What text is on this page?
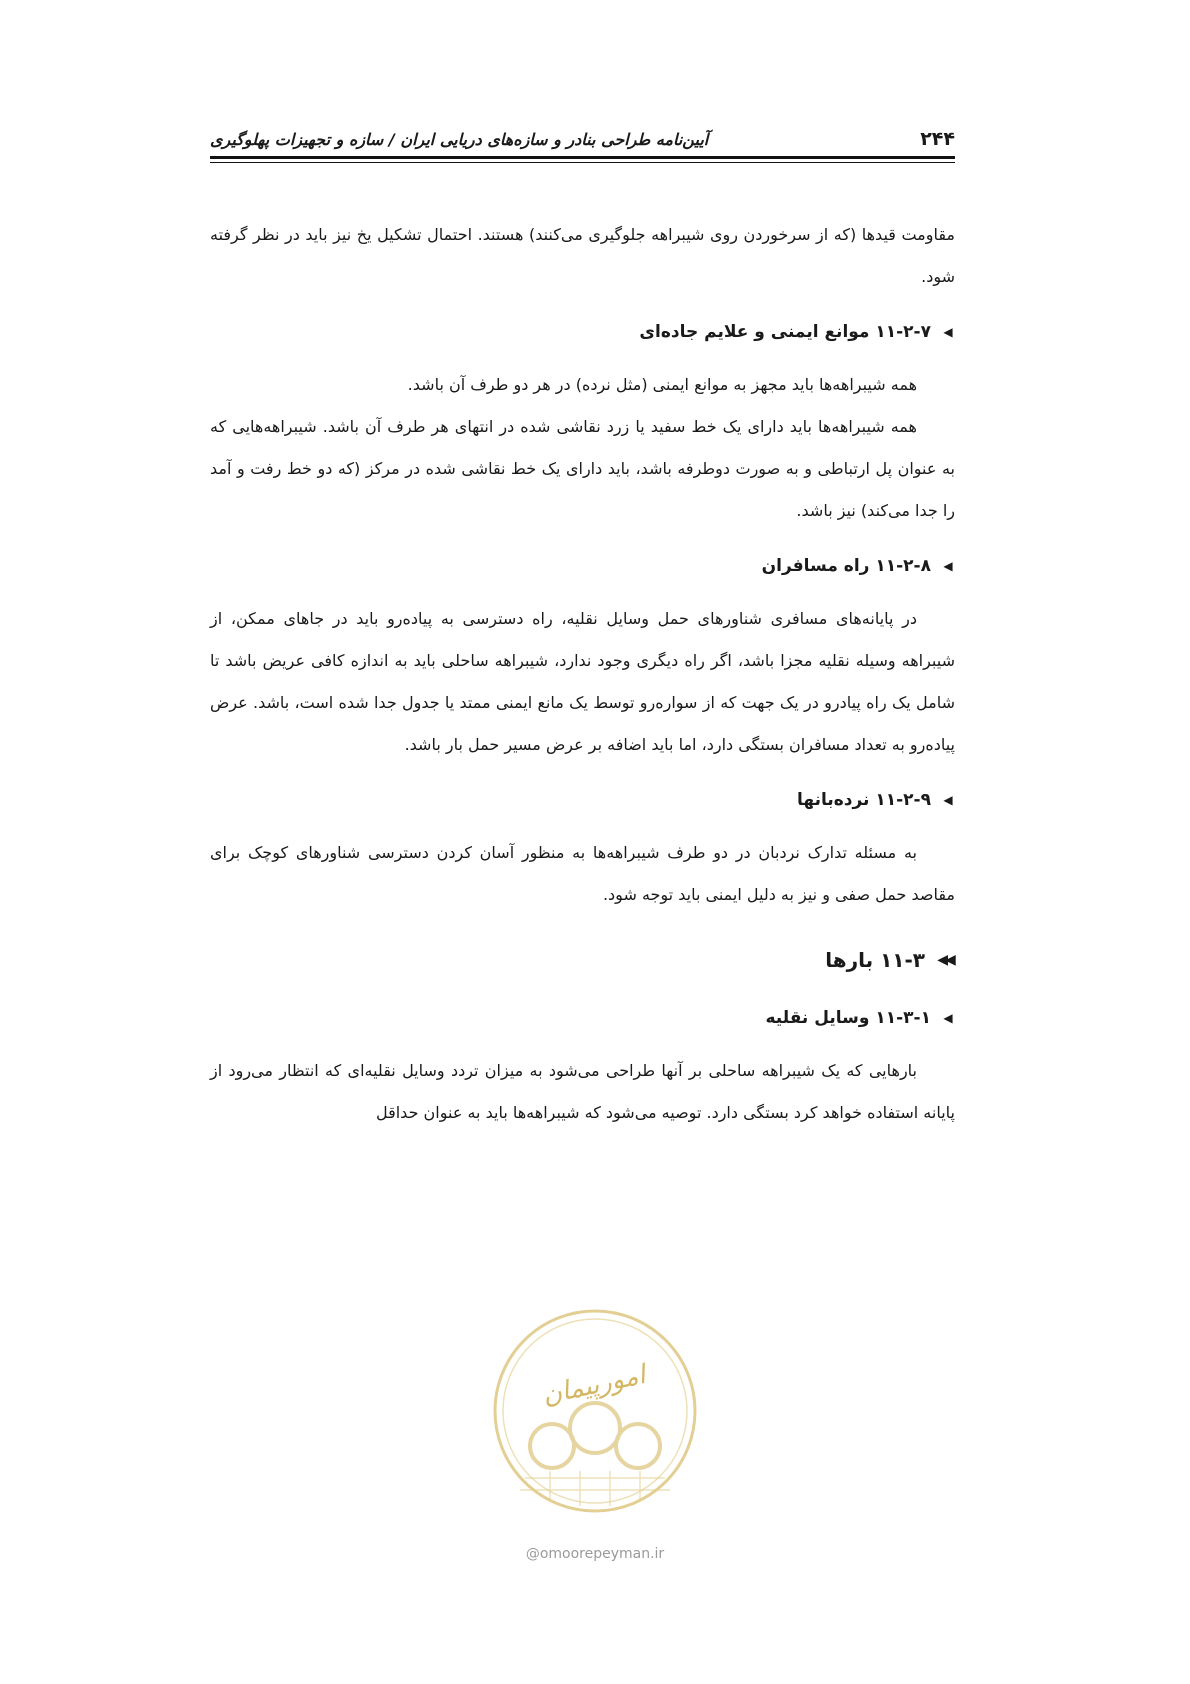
۲۴۴
آیین‌نامه طراحی بنادر و سازه‌های دریایی ایران / سازه و تجهیزات پهلوگیری

مقاومت قیدها (که از سرخوردن روی شیبراهه جلوگیری می‌کنند) هستند. احتمال تشکیل یخ نیز باید در نظر گرفته شود.

◀
۱۱-۲-۷ موانع ایمنی و علایم جاده‌ای

همه شیبراهه‌ها باید مجهز به موانع ایمنی (مثل نرده) در هر دو طرف آن باشد.

همه شیبراهه‌ها باید دارای یک خط سفید یا زرد نقاشی شده در انتهای هر طرف آن باشد. شیبراهه‌هایی که به عنوان پل ارتباطی و به صورت دوطرفه باشد، باید دارای یک خط نقاشی شده در مرکز (که دو خط رفت و آمد را جدا می‌کند) نیز باشد.

◀
۱۱-۲-۸ راه مسافران

در پایانه‌های مسافری شناورهای حمل وسایل نقلیه، راه دسترسی به پیاده‌رو باید در جاهای ممکن، از شیبراهه وسیله نقلیه مجزا باشد، اگر راه دیگری وجود ندارد، شیبراهه ساحلی باید به اندازه کافی عریض باشد تا شامل یک راه پیادرو در یک جهت که از سواره‌رو توسط یک مانع ایمنی ممتد یا جدول جدا شده است، باشد. عرض پیاده‌رو به تعداد مسافران بستگی دارد، اما باید اضافه بر عرض مسیر حمل بار باشد.

◀
۱۱-۲-۹ نرده‌بانها

به مسئله تدارک نردبان در دو طرف شیبراهه‌ها به منظور آسان کردن دسترسی شناورهای کوچک برای مقاصد حمل صفی و نیز به دلیل ایمنی باید توجه شود.

◀◀
۱۱-۳ بارها
◀
۱۱-۳-۱ وسایل نقلیه

بارهایی که یک شیبراهه ساحلی بر آنها طراحی می‌شود به میزان تردد وسایل نقلیه‌ای که انتظار می‌رود از پایانه استفاده خواهد کرد بستگی دارد. توصیه می‌شود که شیبراهه‌ها باید به عنوان حداقل

امورپیمان
@omoorepeyman.ir
